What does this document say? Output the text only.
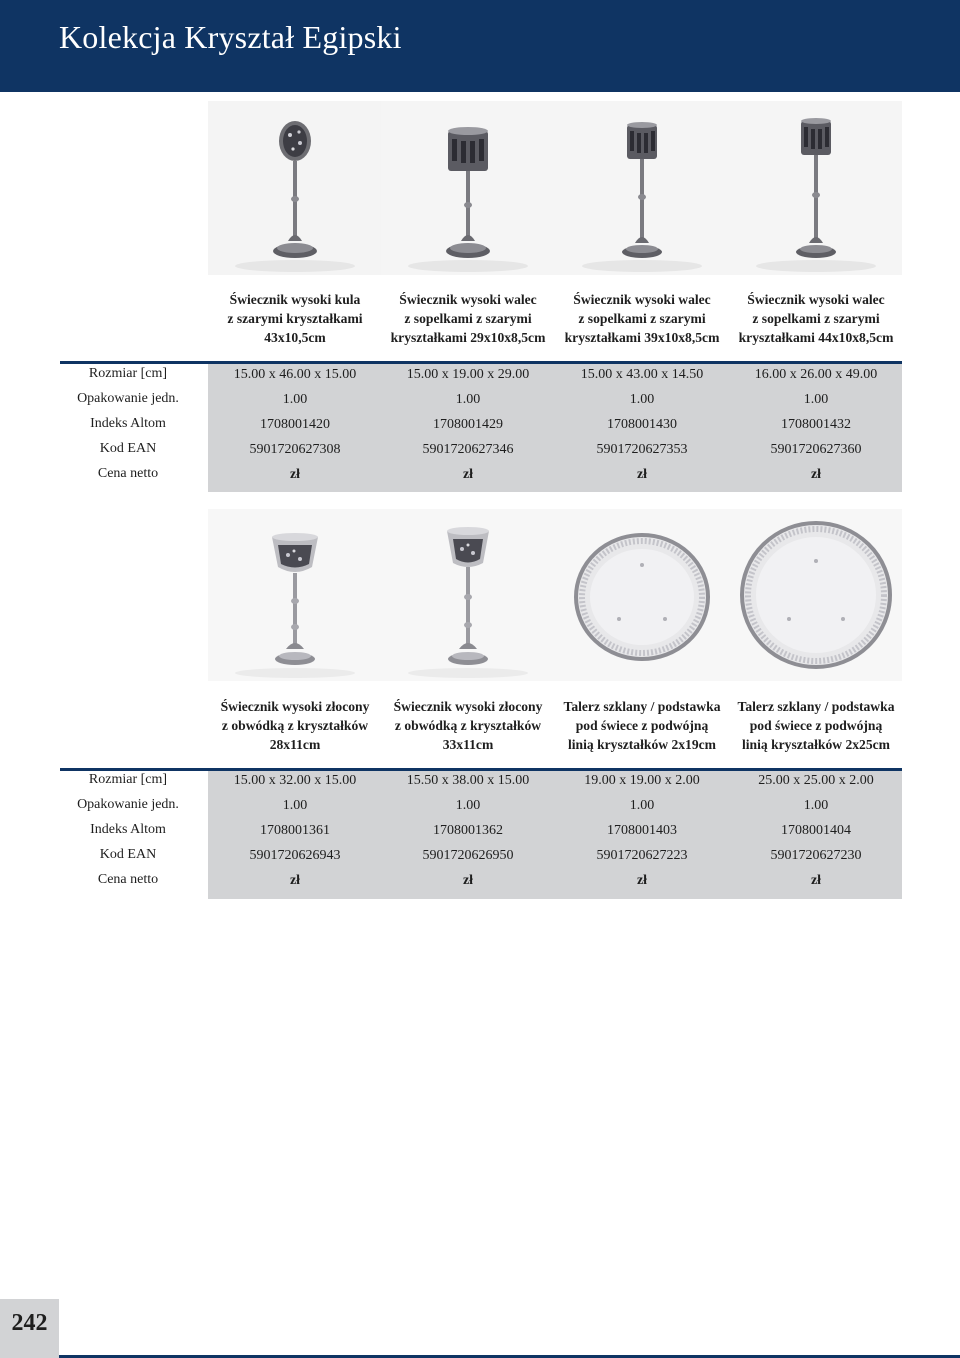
Kolekcja Kryształ Egipski
Świecznik wysoki kula
z szarymi kryształkami
43x10,5cm
Świecznik wysoki walec
z sopelkami z szarymi
kryształkami 29x10x8,5cm
Świecznik wysoki walec
z sopelkami z szarymi
kryształkami 39x10x8,5cm
Świecznik wysoki walec
z sopelkami z szarymi
kryształkami 44x10x8,5cm
Rozmiar [cm]
Opakowanie jedn.
Indeks Altom
Kod EAN
Cena netto
15.00 x 46.00 x 15.00
1.00
1708001420
5901720627308
zł
15.00 x 19.00 x 29.00
1.00
1708001429
5901720627346
zł
15.00 x 43.00 x 14.50
1.00
1708001430
5901720627353
zł
16.00 x 26.00 x 49.00
1.00
1708001432
5901720627360
zł
Świecznik wysoki złocony
z obwódką z kryształków
28x11cm
Świecznik wysoki złocony
z obwódką z kryształków
33x11cm
Talerz szklany / podstawka
pod świece z podwójną
linią kryształków 2x19cm
Talerz szklany / podstawka
pod świece z podwójną
linią kryształków 2x25cm
Rozmiar [cm]
Opakowanie jedn.
Indeks Altom
Kod EAN
Cena netto
15.00 x 32.00 x 15.00
1.00
1708001361
5901720626943
zł
15.50 x 38.00 x 15.00
1.00
1708001362
5901720626950
zł
19.00 x 19.00 x 2.00
1.00
1708001403
5901720627223
zł
25.00 x 25.00 x 2.00
1.00
1708001404
5901720627230
zł
242
